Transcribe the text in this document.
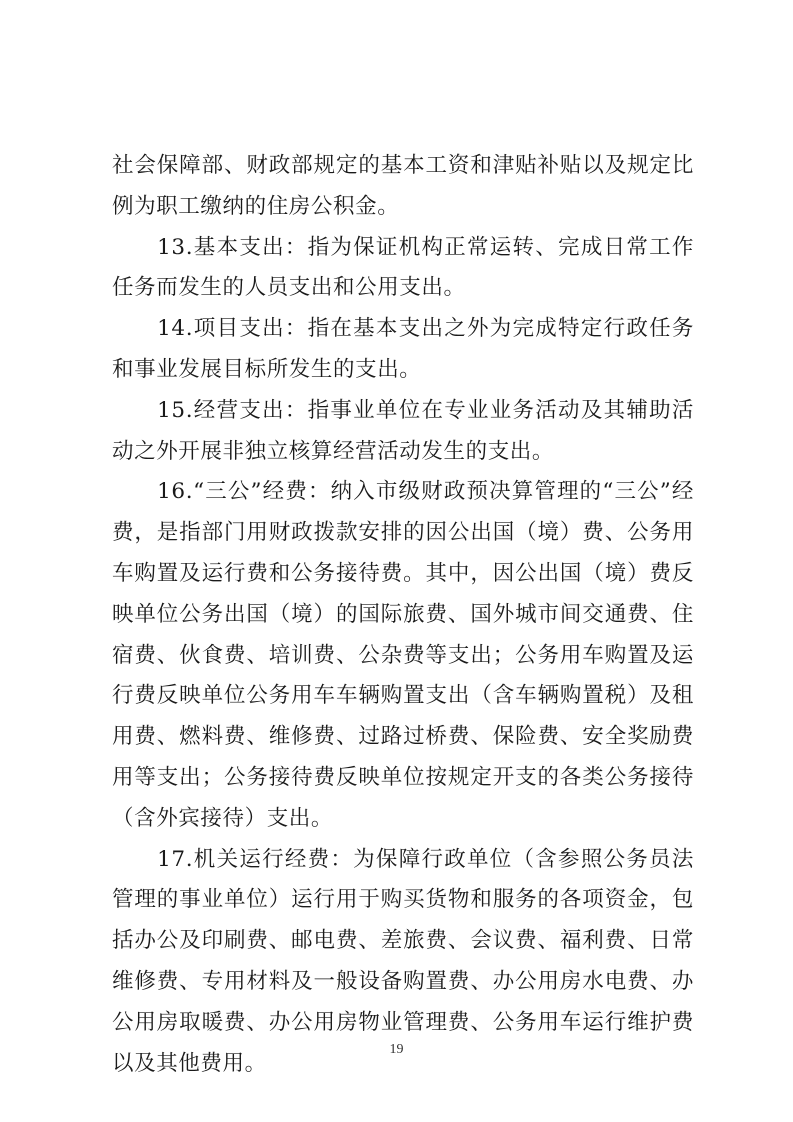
社会保障部、财政部规定的基本工资和津贴补贴以及规定比例为职工缴纳的住房公积金。

13.基本支出：指为保证机构正常运转、完成日常工作任务而发生的人员支出和公用支出。

14.项目支出：指在基本支出之外为完成特定行政任务和事业发展目标所发生的支出。

15.经营支出：指事业单位在专业业务活动及其辅助活动之外开展非独立核算经营活动发生的支出。

16.“三公”经费：纳入市级财政预决算管理的“三公”经费，是指部门用财政拨款安排的因公出国（境）费、公务用车购置及运行费和公务接待费。其中，因公出国（境）费反映单位公务出国（境）的国际旅费、国外城市间交通费、住宿费、伙食费、培训费、公杂费等支出；公务用车购置及运行费反映单位公务用车车辆购置支出（含车辆购置税）及租用费、燃料费、维修费、过路过桥费、保险费、安全奖励费用等支出；公务接待费反映单位按规定开支的各类公务接待（含外宾接待）支出。

17.机关运行经费：为保障行政单位（含参照公务员法管理的事业单位）运行用于购买货物和服务的各项资金，包括办公及印刷费、邮电费、差旅费、会议费、福利费、日常维修费、专用材料及一般设备购置费、办公用房水电费、办公用房取暖费、办公用房物业管理费、公务用车运行维护费以及其他费用。

19
